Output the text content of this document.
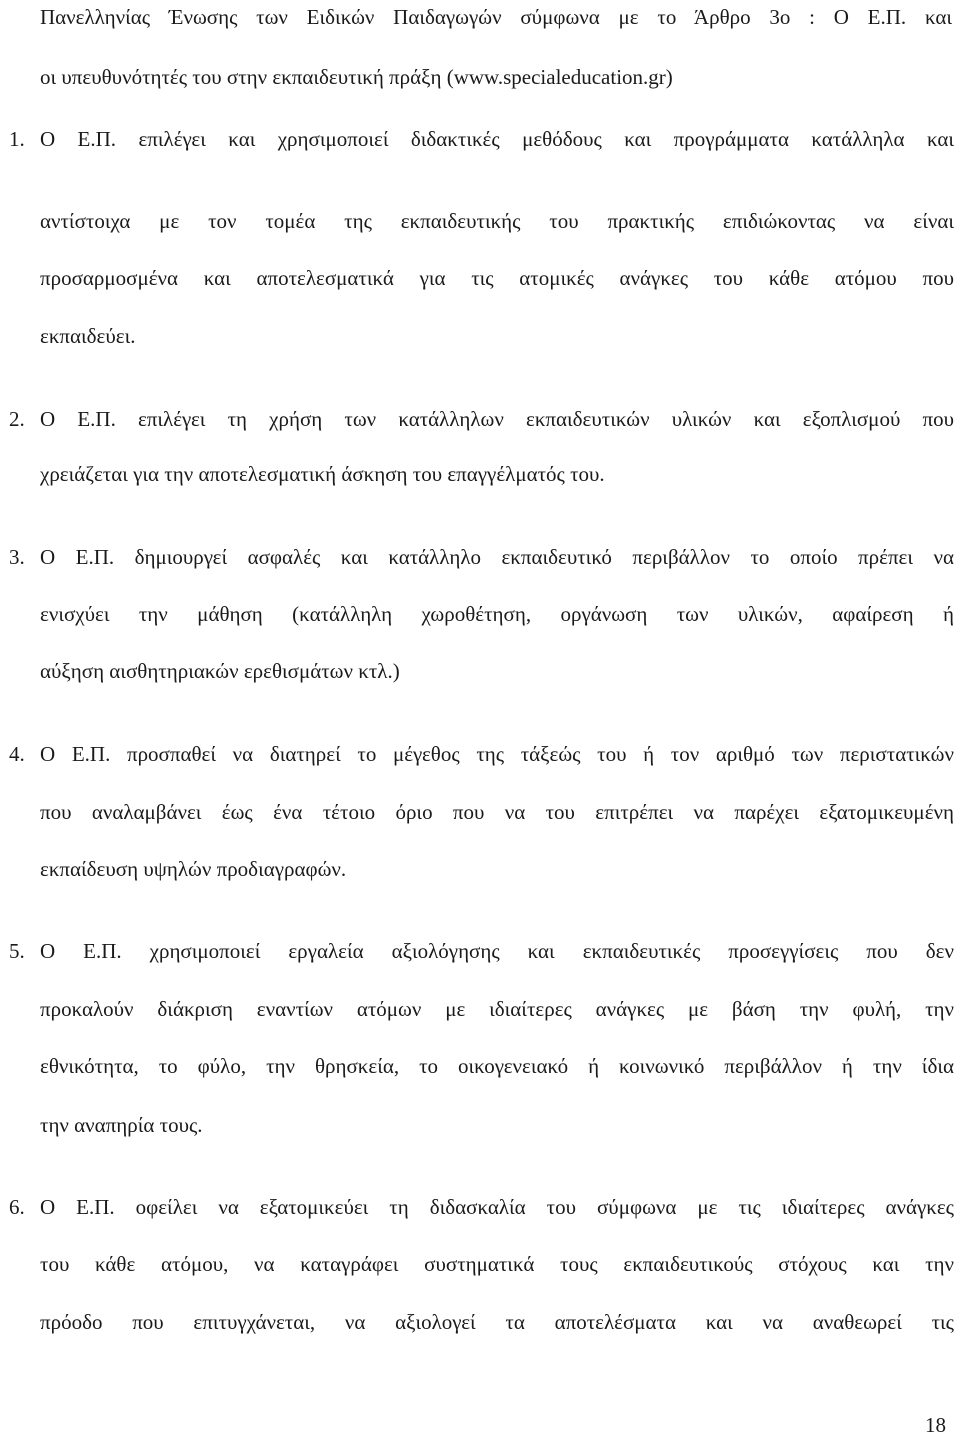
Πανελληνίας Ένωσης των Ειδικών Παιδαγωγών σύμφωνα με το Άρθρο 3ο : Ο Ε.Π. και
οι υπευθυνότητές του στην εκπαιδευτική πράξη (www.specialeducation.gr)
1. Ο Ε.Π. επιλέγει και χρησιμοποιεί διδακτικές μεθόδους και προγράμματα κατάλληλα και
αντίστοιχα με τον τομέα της εκπαιδευτικής του πρακτικής επιδιώκοντας να είναι
προσαρμοσμένα και αποτελεσματικά για τις ατομικές ανάγκες του κάθε ατόμου που
εκπαιδεύει.
2. Ο Ε.Π. επιλέγει τη χρήση των κατάλληλων εκπαιδευτικών υλικών και εξοπλισμού που
χρειάζεται για την αποτελεσματική άσκηση του επαγγέλματός του.
3. Ο Ε.Π. δημιουργεί ασφαλές και κατάλληλο εκπαιδευτικό περιβάλλον το οποίο πρέπει να
ενισχύει την μάθηση (κατάλληλη χωροθέτηση, οργάνωση των υλικών, αφαίρεση ή
αύξηση αισθητηριακών ερεθισμάτων κτλ.)
4. Ο Ε.Π. προσπαθεί να διατηρεί το μέγεθος της τάξεώς του ή τον αριθμό των περιστατικών
που αναλαμβάνει έως ένα τέτοιο όριο που να του επιτρέπει να παρέχει εξατομικευμένη
εκπαίδευση υψηλών προδιαγραφών.
5. Ο Ε.Π. χρησιμοποιεί εργαλεία αξιολόγησης και εκπαιδευτικές προσεγγίσεις που δεν
προκαλούν διάκριση εναντίων ατόμων με ιδιαίτερες ανάγκες με βάση την φυλή, την
εθνικότητα, το φύλο, την θρησκεία, το οικογενειακό ή κοινωνικό περιβάλλον ή την ίδια
την αναπηρία τους.
6. Ο Ε.Π. οφείλει να εξατομικεύει τη διδασκαλία του σύμφωνα με τις ιδιαίτερες ανάγκες
του κάθε ατόμου, να καταγράφει συστηματικά τους εκπαιδευτικούς στόχους και την
πρόοδο που επιτυγχάνεται, να αξιολογεί τα αποτελέσματα και να αναθεωρεί τις
18
